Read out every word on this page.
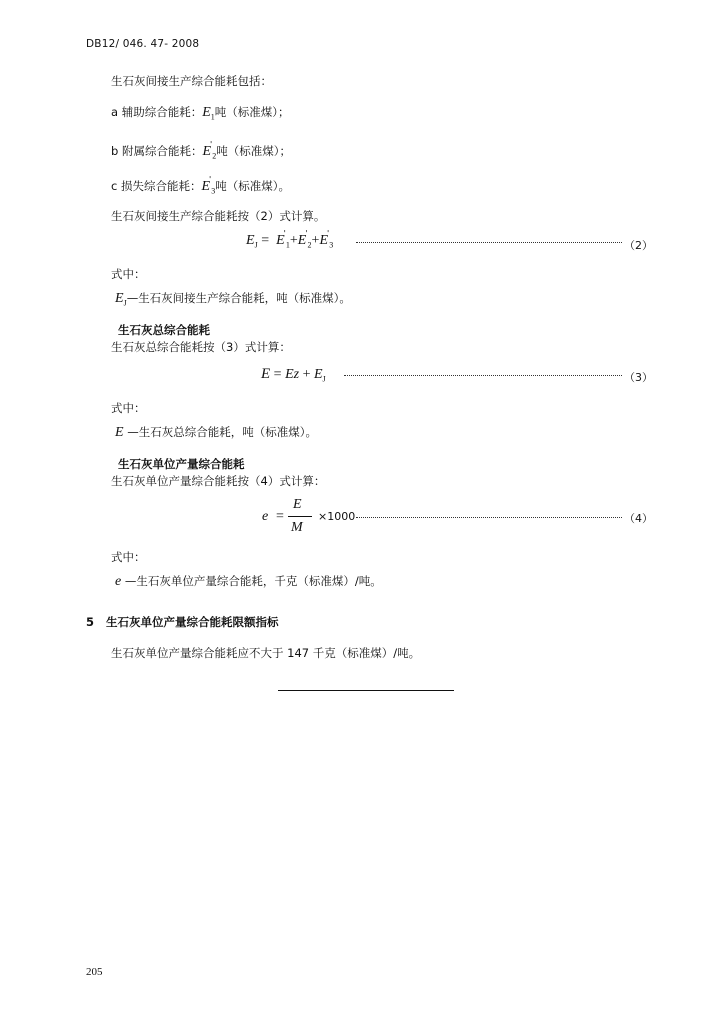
DB12/ 046. 47- 2008
生石灰间接生产综合能耗包括：
a 辅助综合能耗：$E_1$吨（标准煤）；
b 附属综合能耗：$E'_2$吨（标准煤）；
c 损失综合能耗：$E'_3$吨（标准煤）。
生石灰间接生产综合能耗按（2）式计算。
$E_J = E'_1+E'_2+E'_3$	（2）
式中：
$E_J—$生石灰间接生产综合能耗，吨（标准煤）。
生石灰总综合能耗
生石灰总综合能耗按（3）式计算：
$E = Ez + E_J$	（3）
式中：
E —生石灰总综合能耗，吨（标准煤）。
生石灰单位产量综合能耗
生石灰单位产量综合能耗按（4）式计算：
e =
E
M
×1000	（4）
式中：
e —生石灰单位产量综合能耗，千克（标准煤）/吨。
5 生石灰单位产量综合能耗限额指标
生石灰单位产量综合能耗应不大于 147 千克（标准煤）/吨。
205
